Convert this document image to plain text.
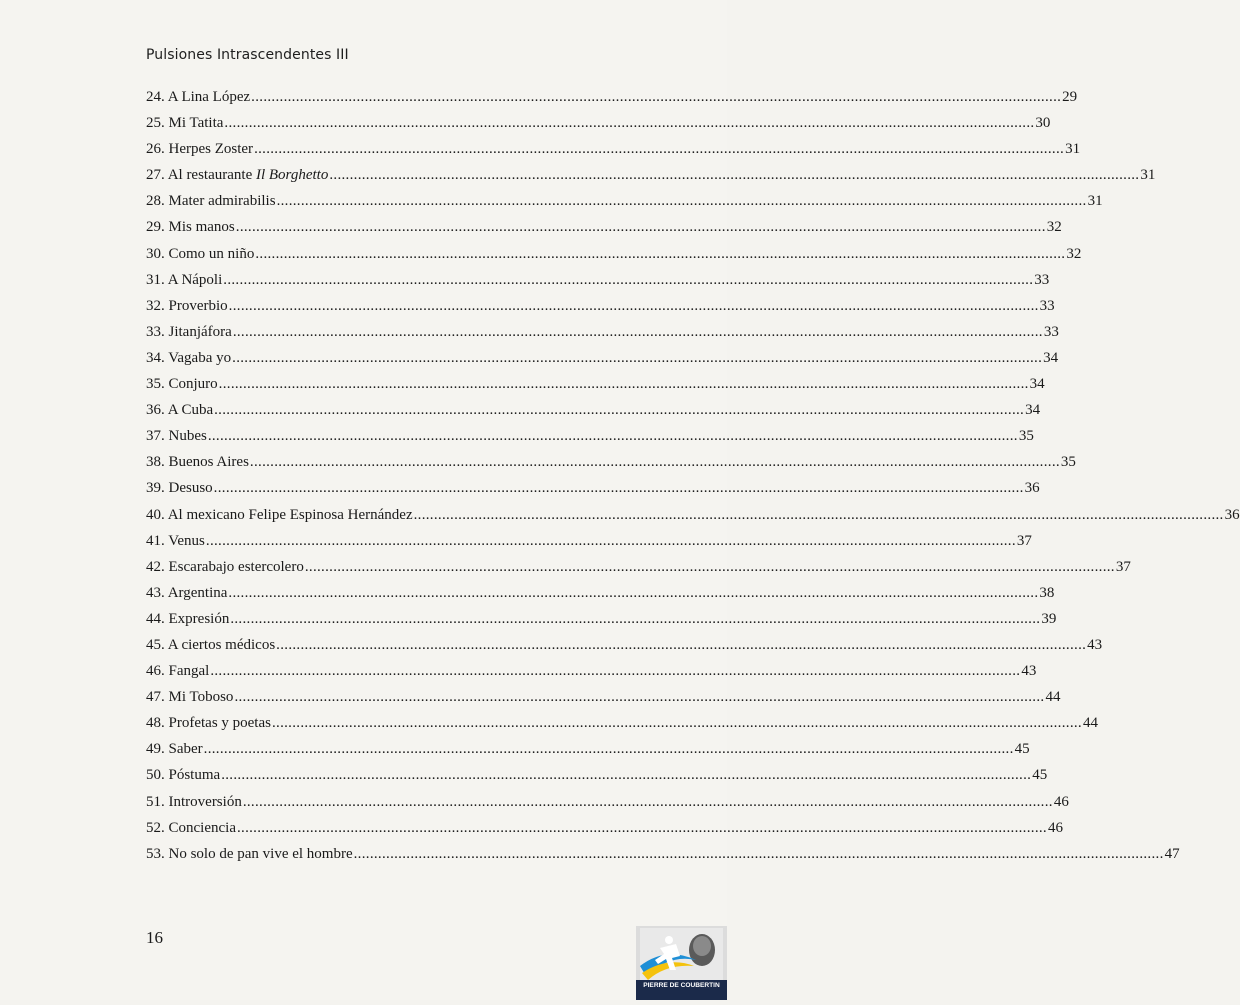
Pulsiones Intrascendentes III
24. A Lina López ........................................................................................................................................................................................................ 29
25. Mi Tatita ........................................................................................................................................................................................................ 30
26. Herpes Zoster ........................................................................................................................................................................................................ 31
27. Al restaurante Il Borghetto ........................................................................................................................................................................................................ 31
28. Mater admirabilis ........................................................................................................................................................................................................ 31
29. Mis manos ........................................................................................................................................................................................................ 32
30. Como un niño ........................................................................................................................................................................................................ 32
31. A Nápoli ........................................................................................................................................................................................................ 33
32. Proverbio ........................................................................................................................................................................................................ 33
33. Jitanjáfora ........................................................................................................................................................................................................ 33
34. Vagaba yo ........................................................................................................................................................................................................ 34
35. Conjuro ........................................................................................................................................................................................................ 34
36. A Cuba ........................................................................................................................................................................................................ 34
37. Nubes ........................................................................................................................................................................................................ 35
38. Buenos Aires ........................................................................................................................................................................................................ 35
39. Desuso ........................................................................................................................................................................................................ 36
40. Al mexicano Felipe Espinosa Hernández ........................................................................................................................................................................................................ 36
41. Venus ........................................................................................................................................................................................................ 37
42. Escarabajo estercolero ........................................................................................................................................................................................................ 37
43. Argentina ........................................................................................................................................................................................................ 38
44. Expresión ........................................................................................................................................................................................................ 39
45. A ciertos médicos ........................................................................................................................................................................................................ 43
46. Fangal ........................................................................................................................................................................................................ 43
47. Mi Toboso ........................................................................................................................................................................................................ 44
48. Profetas y poetas ........................................................................................................................................................................................................ 44
49. Saber ........................................................................................................................................................................................................ 45
50. Póstuma ........................................................................................................................................................................................................ 45
51. Introversión ........................................................................................................................................................................................................ 46
52. Conciencia ........................................................................................................................................................................................................ 46
53. No solo de pan vive el hombre ........................................................................................................................................................................................................ 47
16
PIERRE DE COUBERTIN
